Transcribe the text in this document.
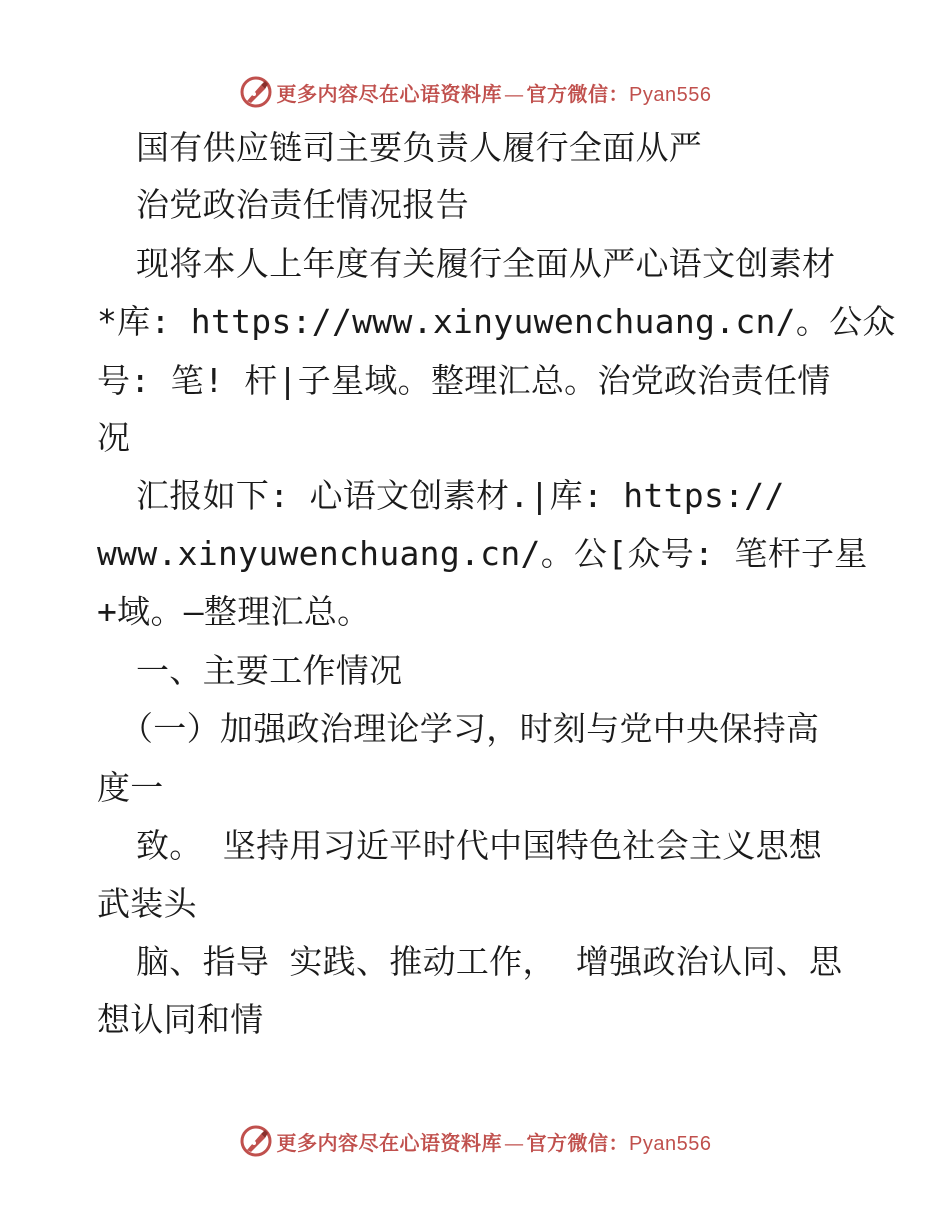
更多内容尽在心语资料库 — 官方微信：Pyan556
国有供应链司主要负责人履行全面从严
治党政治责任情况报告
现将本人上年度有关履行全面从严心语文创素材
*库: https://www.xinyuwenchuang.cn/。公众
号: 笔! 杆|子星域。整理汇总。治党政治责任情
况
汇报如下: 心语文创素材.|库: https://
www.xinyuwenchuang.cn/。公[众号: 笔杆子星
+域。—整理汇总。
一、主要工作情况
（一）加强政治理论学习，时刻与党中央保持高
度一
致。 坚持用习近平时代中国特色社会主义思想
武装头
脑、指导 实践、推动工作， 增强政治认同、思
想认同和情
更多内容尽在心语资料库 — 官方微信：Pyan556
